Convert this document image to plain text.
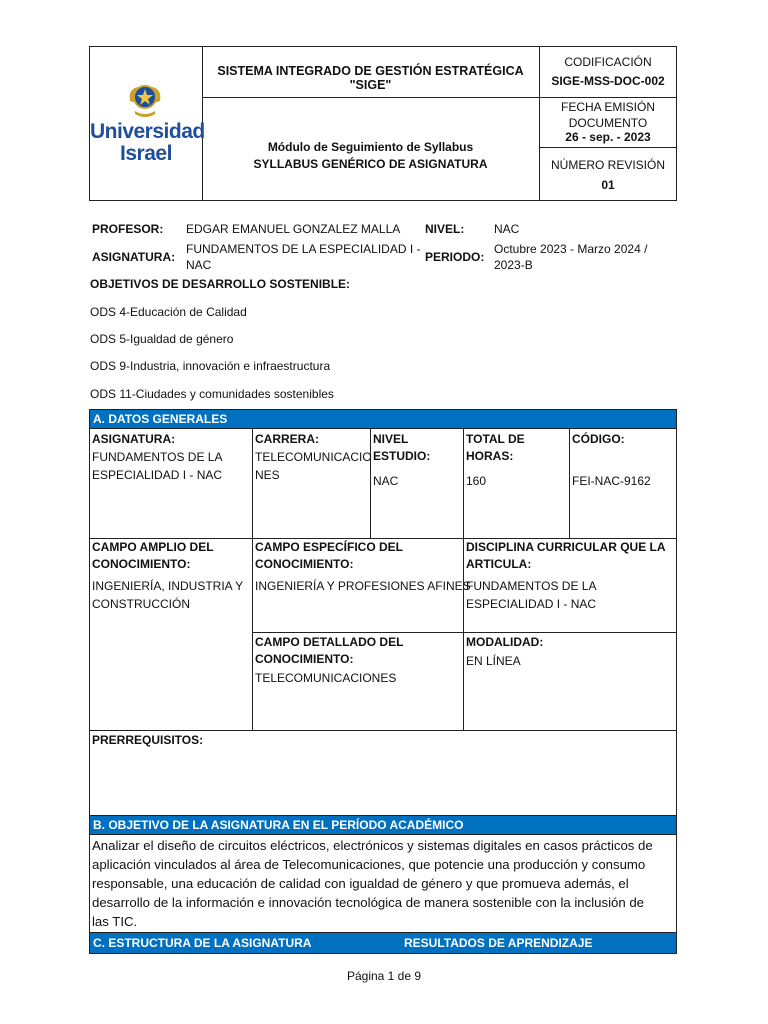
Universidad Israel
SISTEMA INTEGRADO DE GESTIÓN ESTRATÉGICA "SIGE"
Módulo de Seguimiento de Syllabus
SYLLABUS GENÉRICO DE ASIGNATURA
CODIFICACIÓN
SIGE-MSS-DOC-002
FECHA EMISIÓN
DOCUMENTO
26 - sep. - 2023
NÚMERO REVISIÓN
01
PROFESOR: EDGAR EMANUEL GONZALEZ MALLA NIVEL: NAC
ASIGNATURA:
FUNDAMENTOS DE LA ESPECIALIDAD I -
NAC
PERIODO:
Octubre 2023 - Marzo 2024 /
2023-B
OBJETIVOS DE DESARROLLO SOSTENIBLE:
ODS 4-Educación de Calidad
ODS 5-Igualdad de género
ODS 9-Industria, innovación e infraestructura
ODS 11-Ciudades y comunidades sostenibles
A. DATOS GENERALES
ASIGNATURA:
FUNDAMENTOS DE LA
ESPECIALIDAD I - NAC
CARRERA:
TELECOMUNICACIO
NES
NIVEL
ESTUDIO:
NAC
TOTAL DE
HORAS:
160
CÓDIGO:
FEI-NAC-9162
CAMPO AMPLIO DEL
CONOCIMIENTO:
INGENIERÍA, INDUSTRIA Y
CONSTRUCCIÓN
CAMPO ESPECÍFICO DEL
CONOCIMIENTO:
INGENIERÍA Y PROFESIONES AFINES
DISCIPLINA CURRICULAR QUE LA
ARTICULA:
FUNDAMENTOS DE LA
ESPECIALIDAD I - NAC
CAMPO DETALLADO DEL
CONOCIMIENTO:
TELECOMUNICACIONES
MODALIDAD:
EN LÍNEA
PRERREQUISITOS:
B. OBJETIVO DE LA ASIGNATURA EN EL PERÍODO ACADÉMICO
Analizar el diseño de circuitos eléctricos, electrónicos y sistemas digitales en casos prácticos de
aplicación vinculados al área de Telecomunicaciones, que potencie una producción y consumo
responsable, una educación de calidad con igualdad de género y que promueva además, el
desarrollo de la información e innovación tecnológica de manera sostenible con la inclusión de
las TIC.
C. ESTRUCTURA DE LA ASIGNATURA	RESULTADOS DE APRENDIZAJE
Página 1 de 9
